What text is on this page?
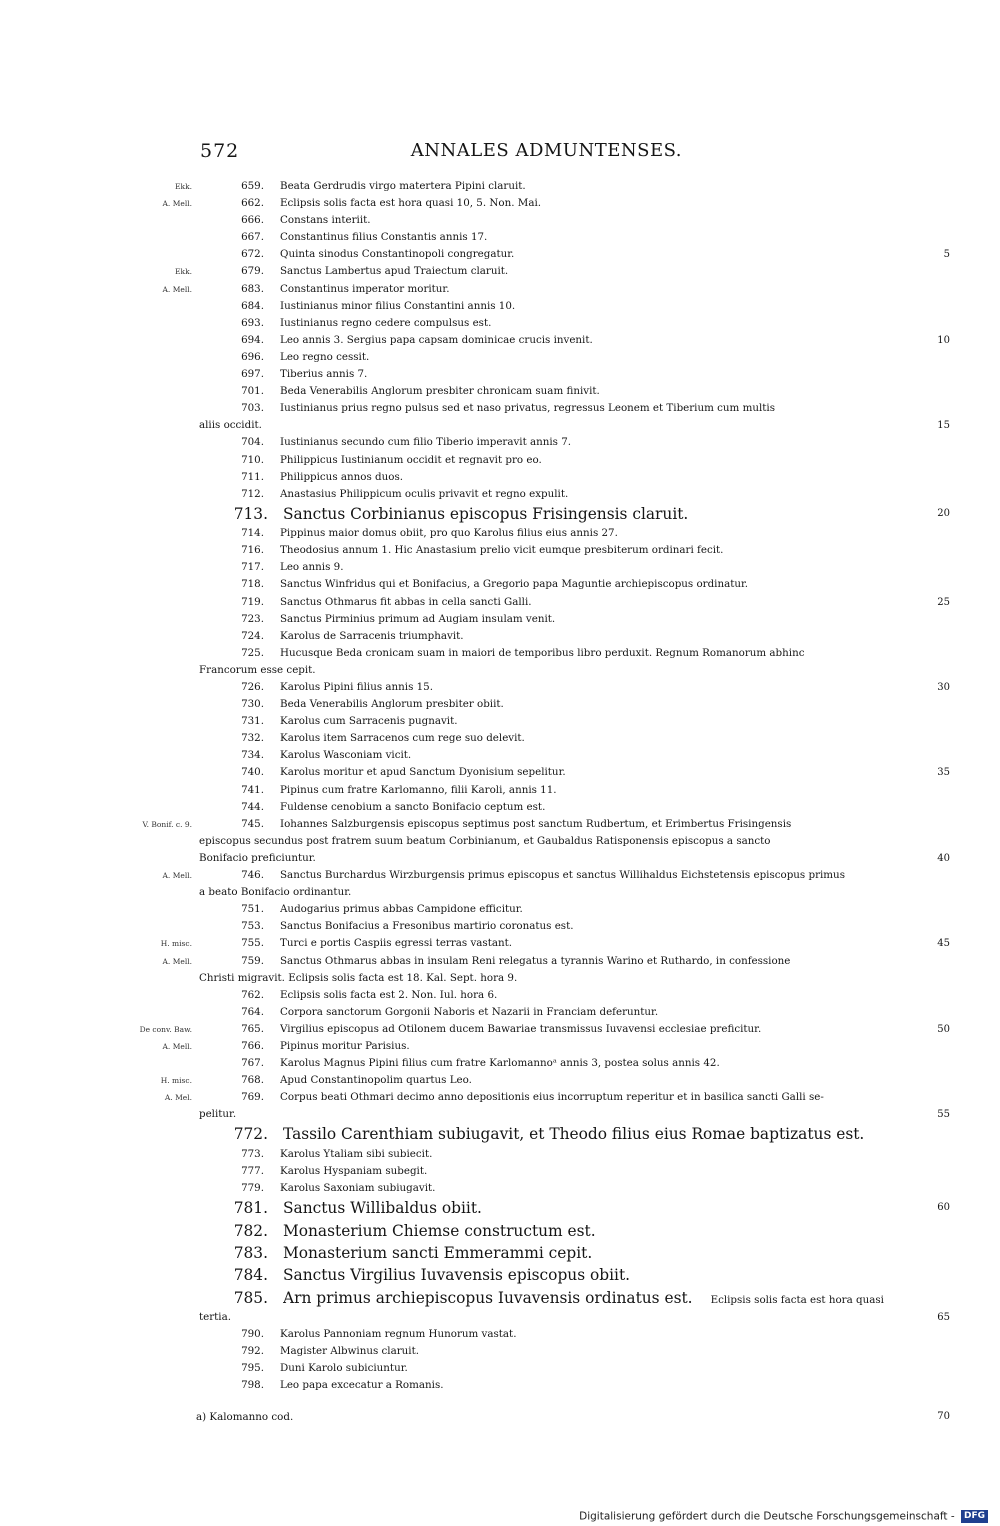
572	ANNALES ADMUNTENSES.
Ekk.	659. Beata Gerdrudis virgo matertera Pipini claruit.
A. Mell.	662. Eclipsis solis facta est hora quasi 10, 5. Non. Mai.
666. Constans interiit.
667. Constantinus filius Constantis annis 17.
672. Quinta sinodus Constantinopoli congregatur.	5
Ekk.	679. Sanctus Lambertus apud Traiectum claruit.
A. Mell.	683. Constantinus imperator moritur.
684. Iustinianus minor filius Constantini annis 10.
693. Iustinianus regno cedere compulsus est.
694. Leo annis 3. Sergius papa capsam dominicae crucis invenit.	10
696. Leo regno cessit.
697. Tiberius annis 7.
701. Beda Venerabilis Anglorum presbiter chronicam suam finivit.
703. Iustinianus prius regno pulsus sed et naso privatus, regressus Leonem et Tiberium cum multis
aliis occidit.	15
704. Iustinianus secundo cum filio Tiberio imperavit annis 7.
710. Philippicus Iustinianum occidit et regnavit pro eo.
711. Philippicus annos duos.
712. Anastasius Philippicum oculis privavit et regno expulit.
713. Sanctus Corbinianus episcopus Frisingensis claruit.	20
714. Pippinus maior domus obiit, pro quo Karolus filius eius annis 27.
716. Theodosius annum 1. Hic Anastasium prelio vicit eumque presbiterum ordinari fecit.
717. Leo annis 9.
718. Sanctus Winfridus qui et Bonifacius, a Gregorio papa Maguntie archiepiscopus ordinatur.
719. Sanctus Othmarus fit abbas in cella sancti Galli.	25
723. Sanctus Pirminius primum ad Augiam insulam venit.
724. Karolus de Sarracenis triumphavit.
725. Hucusque Beda cronicam suam in maiori de temporibus libro perduxit. Regnum Romanorum abhinc
Francorum esse cepit.
726. Karolus Pipini filius annis 15.	30
730. Beda Venerabilis Anglorum presbiter obiit.
731. Karolus cum Sarracenis pugnavit.
732. Karolus item Sarracenos cum rege suo delevit.
734. Karolus Wasconiam vicit.
740. Karolus moritur et apud Sanctum Dyonisium sepelitur.	35
741. Pipinus cum fratre Karlomanno, filii Karoli, annis 11.
744. Fuldense cenobium a sancto Bonifacio ceptum est.
V. Bonif. c. 9.	745. Iohannes Salzburgensis episcopus septimus post sanctum Rudbertum, et Erimbertus Frisingensis
episcopus secundus post fratrem suum beatum Corbinianum, et Gaubaldus Ratisponensis episcopus a sancto
Bonifacio preficiuntur.	40
A. Mell.	746. Sanctus Burchardus Wirzburgensis primus episcopus et sanctus Willihaldus Eichstetensis episcopus primus
a beato Bonifacio ordinantur.
751. Audogarius primus abbas Campidone efficitur.
753. Sanctus Bonifacius a Fresonibus martirio coronatus est.
H. misc.	755. Turci e portis Caspiis egressi terras vastant.	45
A. Mell.	759. Sanctus Othmarus abbas in insulam Reni relegatus a tyrannis Warino et Ruthardo, in confessione
Christi migravit. Eclipsis solis facta est 18. Kal. Sept. hora 9.
762. Eclipsis solis facta est 2. Non. Iul. hora 6.
764. Corpora sanctorum Gorgonii Naboris et Nazarii in Franciam deferuntur.
De conv. Baw.	765. Virgilius episcopus ad Otilonem ducem Bawariae transmissus Iuvavensi ecclesiae preficitur.	50
A. Mell.	766. Pipinus moritur Parisius.
767. Karolus Magnus Pipini filius cum fratre Karlomannoᵃ annis 3, postea solus annis 42.
H. misc.	768. Apud Constantinopolim quartus Leo.
A. Mel.	769. Corpus beati Othmari decimo anno depositionis eius incorruptum reperitur et in basilica sancti Galli se-
pelitur.	55
772. Tassilo Carenthiam subiugavit, et Theodo filius eius Romae baptizatus est.
773. Karolus Ytaliam sibi subiecit.
777. Karolus Hyspaniam subegit.
779. Karolus Saxoniam subiugavit.
781. Sanctus Willibaldus obiit.	60
782. Monasterium Chiemse constructum est.
783. Monasterium sancti Emmerammi cepit.
784. Sanctus Virgilius Iuvavensis episcopus obiit.
785. Arn primus archiepiscopus Iuvavensis ordinatus est. Eclipsis solis facta est hora quasi
tertia.	65
790. Karolus Pannoniam regnum Hunorum vastat.
792. Magister Albwinus claruit.
795. Duni Karolo subiciuntur.
798. Leo papa excecatur a Romanis.
a) Kalomanno cod.	70
Digitalisierung gefördert durch die Deutsche Forschungsgemeinschaft - DFG
